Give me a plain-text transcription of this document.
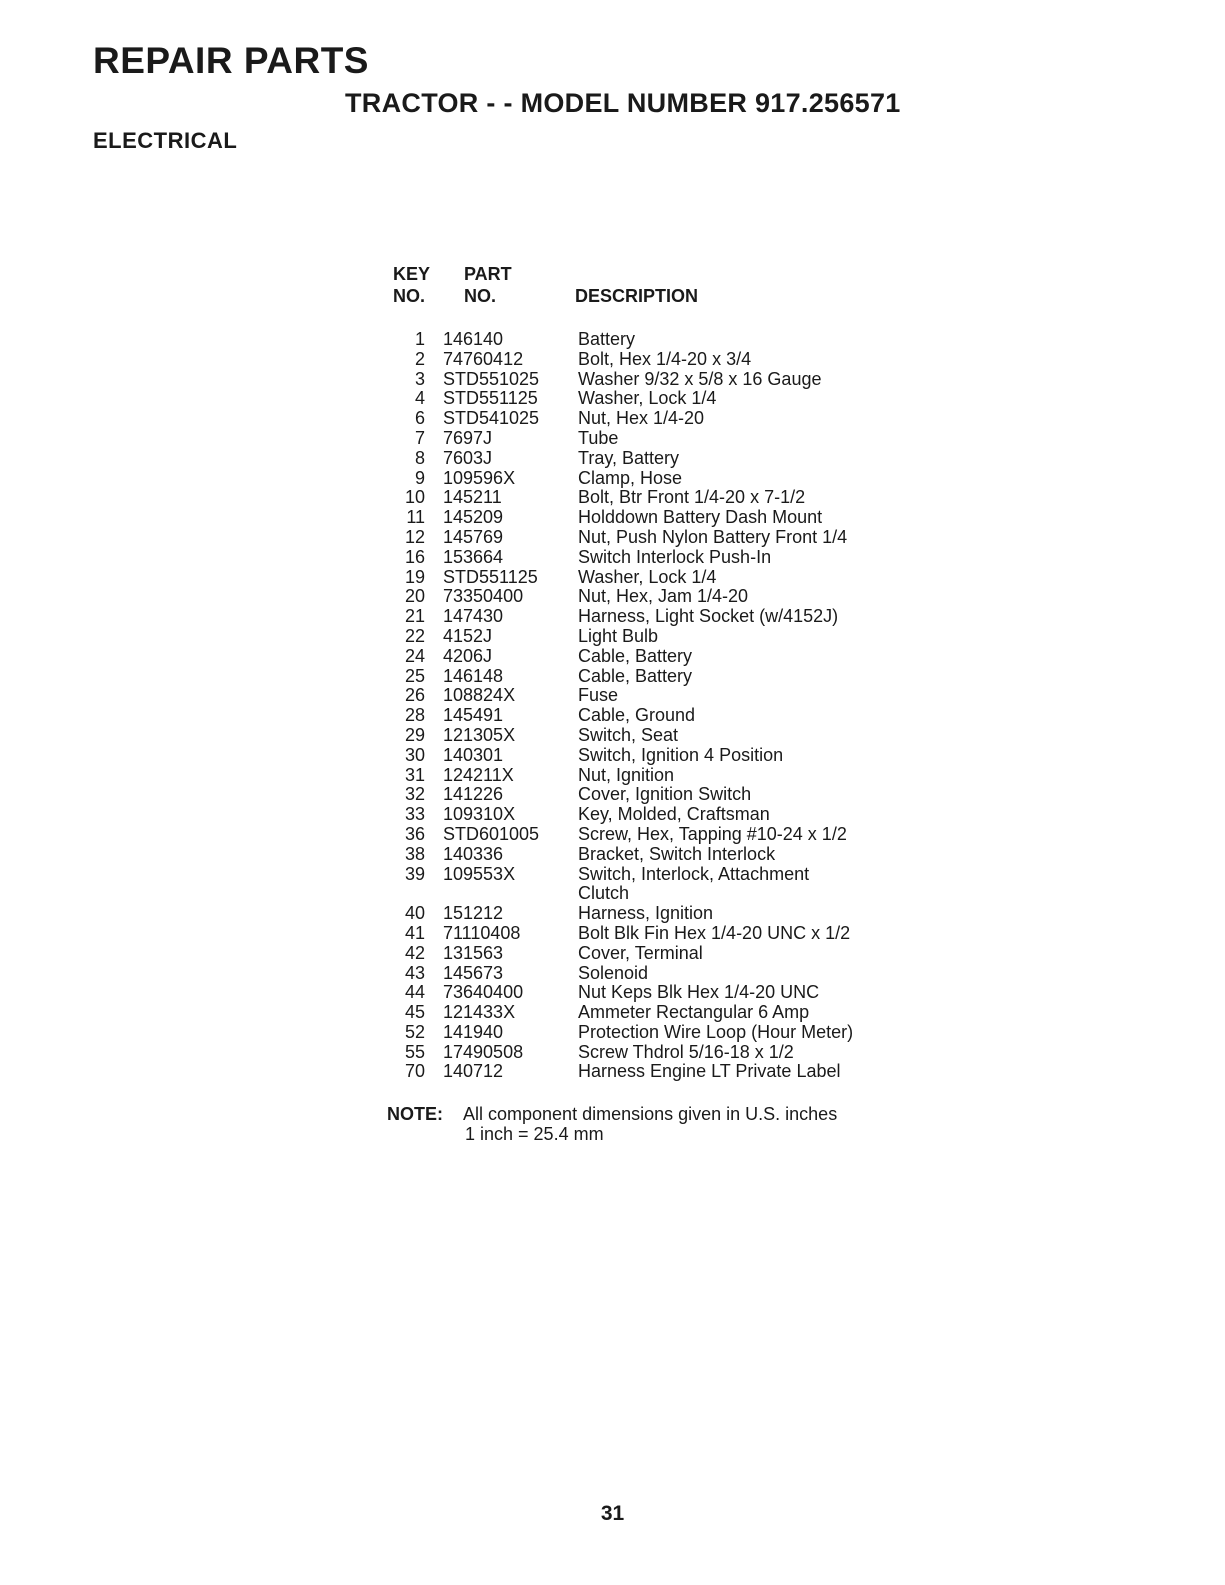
REPAIR PARTS
TRACTOR - - MODEL NUMBER 917.256571
ELECTRICAL
KEY
NO.
PART
NO.	DESCRIPTION
1	146140	Battery
2	74760412	Bolt, Hex 1/4-20 x 3/4
3	STD551025	Washer 9/32 x 5/8 x 16 Gauge
4	STD551125	Washer, Lock 1/4
6	STD541025	Nut, Hex 1/4-20
7	7697J	Tube
8	7603J	Tray, Battery
9	109596X	Clamp, Hose
10	145211	Bolt, Btr Front 1/4-20 x 7-1/2
11	145209	Holddown Battery Dash Mount
12	145769	Nut, Push Nylon Battery Front 1/4
16	153664	Switch Interlock Push-In
19	STD551125	Washer, Lock 1/4
20	73350400	Nut, Hex, Jam 1/4-20
21	147430	Harness, Light Socket (w/4152J)
22	4152J	Light Bulb
24	4206J	Cable, Battery
25	146148	Cable, Battery
26	108824X	Fuse
28	145491	Cable, Ground
29	121305X	Switch, Seat
30	140301	Switch, Ignition 4 Position
31	124211X	Nut, Ignition
32	141226	Cover, Ignition Switch
33	109310X	Key, Molded, Craftsman
36	STD601005	Screw, Hex, Tapping #10-24 x 1/2
38	140336	Bracket, Switch Interlock
39	109553X	Switch, Interlock, Attachment
		Clutch
40	151212	Harness, Ignition
41	71110408	Bolt Blk Fin Hex 1/4-20 UNC x 1/2
42	131563	Cover, Terminal
43	145673	Solenoid
44	73640400	Nut Keps Blk Hex 1/4-20 UNC
45	121433X	Ammeter Rectangular 6 Amp
52	141940	Protection Wire Loop (Hour Meter)
55	17490508	Screw Thdrol 5/16-18 x 1/2
70	140712	Harness Engine LT Private Label
NOTE: All component dimensions given in U.S. inches
1 inch = 25.4 mm
31
